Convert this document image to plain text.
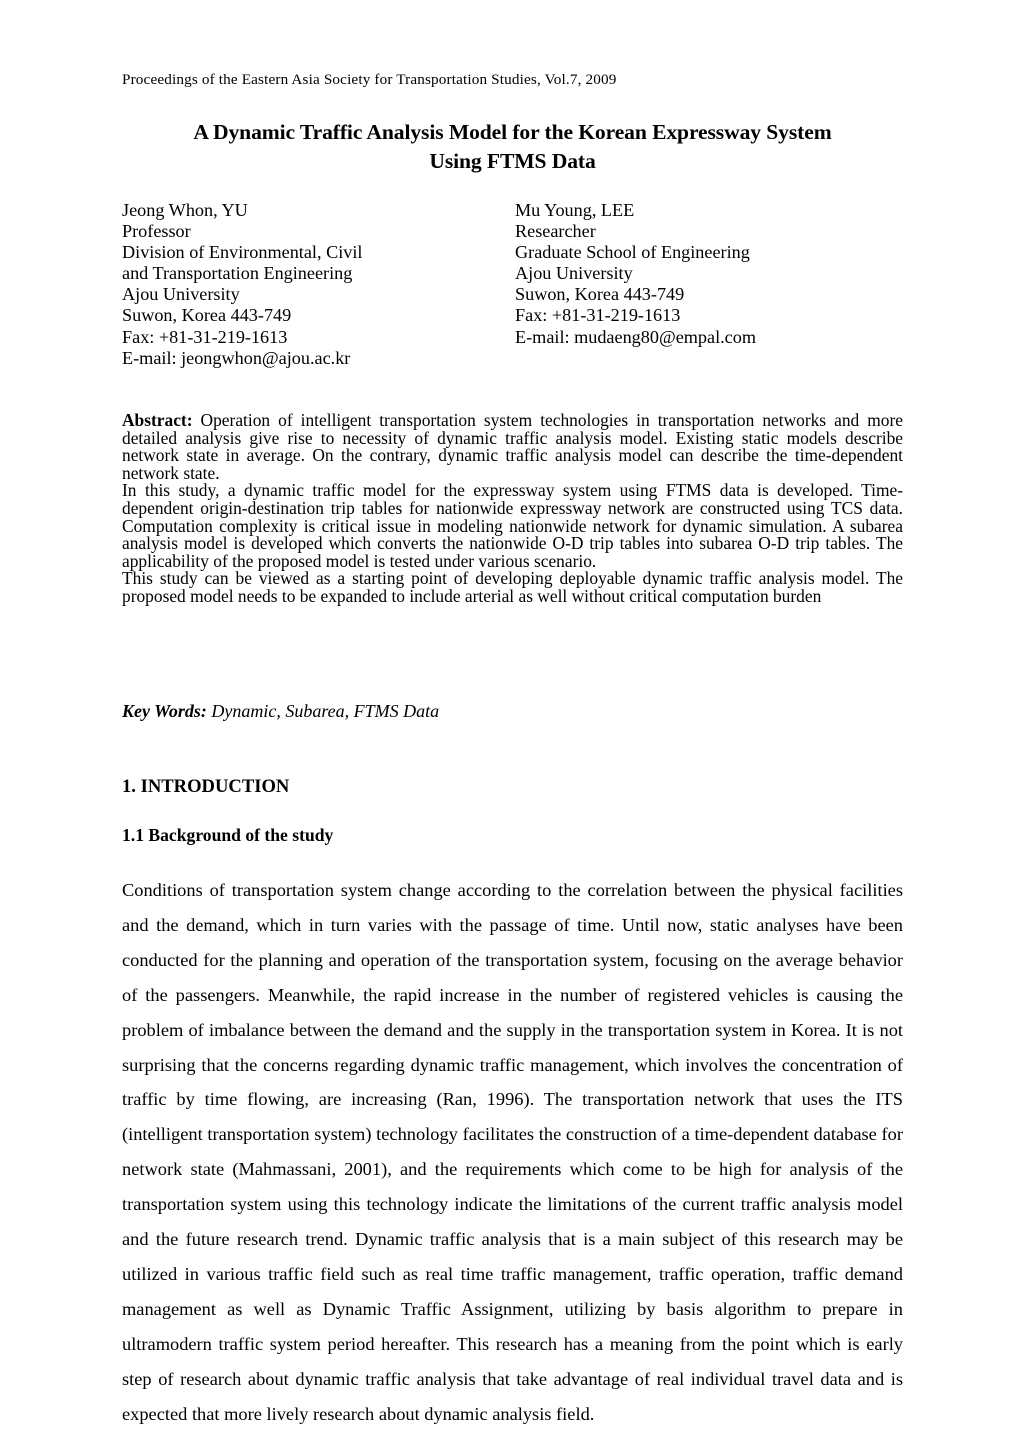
Proceedings of the Eastern Asia Society for Transportation Studies, Vol.7, 2009
A Dynamic Traffic Analysis Model for the Korean Expressway System
Using FTMS Data
Jeong Whon, YU
Professor
Division of Environmental, Civil
and Transportation Engineering
Ajou University
Suwon, Korea 443-749
Fax: +81-31-219-1613
E-mail: jeongwhon@ajou.ac.kr
Mu Young, LEE
Researcher
Graduate School of Engineering
Ajou University
Suwon, Korea 443-749
Fax: +81-31-219-1613
E-mail: mudaeng80@empal.com

Abstract: Operation of intelligent transportation system technologies in transportation networks and more detailed analysis give rise to necessity of dynamic traffic analysis model. Existing static models describe network state in average. On the contrary, dynamic traffic analysis model can describe the time-dependent network state.

In this study, a dynamic traffic model for the expressway system using FTMS data is developed. Time-dependent origin-destination trip tables for nationwide expressway network are constructed using TCS data. Computation complexity is critical issue in modeling nationwide network for dynamic simulation. A subarea analysis model is developed which converts the nationwide O-D trip tables into subarea O-D trip tables. The applicability of the proposed model is tested under various scenario.

This study can be viewed as a starting point of developing deployable dynamic traffic analysis model. The proposed model needs to be expanded to include arterial as well without critical computation burden

Key Words: Dynamic, Subarea, FTMS Data
1. INTRODUCTION
1.1 Background of the study

Conditions of transportation system change according to the correlation between the physical facilities and the demand, which in turn varies with the passage of time. Until now, static analyses have been conducted for the planning and operation of the transportation system, focusing on the average behavior of the passengers. Meanwhile, the rapid increase in the number of registered vehicles is causing the problem of imbalance between the demand and the supply in the transportation system in Korea. It is not surprising that the concerns regarding dynamic traffic management, which involves the concentration of traffic by time flowing, are increasing (Ran, 1996). The transportation network that uses the ITS (intelligent transportation system) technology facilitates the construction of a time-dependent database for network state (Mahmassani, 2001), and the requirements which come to be high for analysis of the transportation system using this technology indicate the limitations of the current traffic analysis model and the future research trend. Dynamic traffic analysis that is a main subject of this research may be utilized in various traffic field such as real time traffic management, traffic operation, traffic demand management as well as Dynamic Traffic Assignment, utilizing by basis algorithm to prepare in ultramodern traffic system period hereafter. This research has a meaning from the point which is early step of research about dynamic traffic analysis that take advantage of real individual travel data and is expected that more lively research about dynamic analysis field.
